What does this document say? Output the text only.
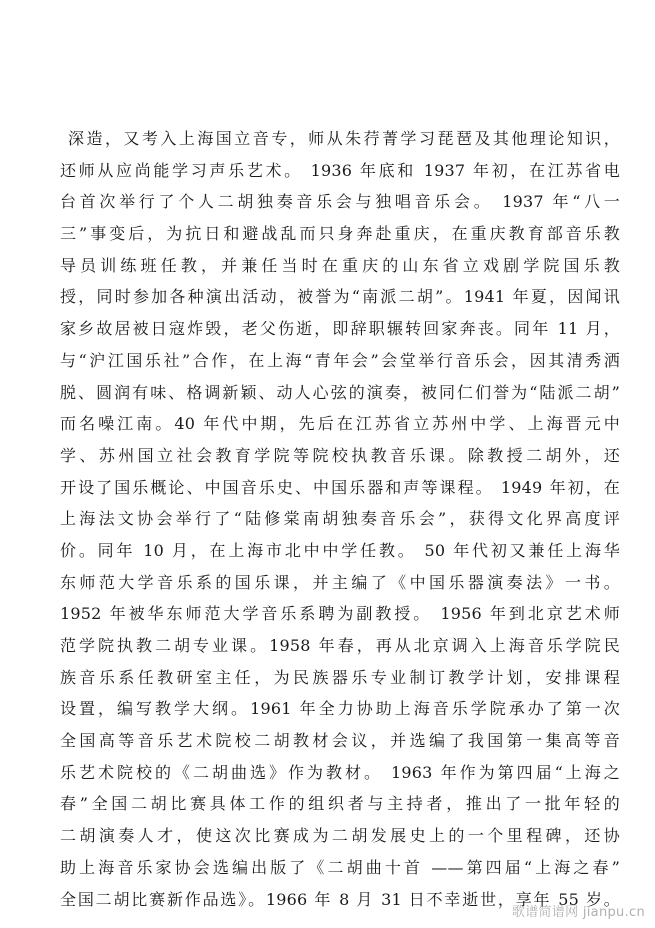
深造，又考入上海国立音专，师从朱荇菁学习琵琶及其他理论知识，
还师从应尚能学习声乐艺术。 1936 年底和 1937 年初，在江苏省电
台首次举行了个人二胡独奏音乐会与独唱音乐会。 1937 年“八一
三”事变后，为抗日和避战乱而只身奔赴重庆，在重庆教育部音乐教
导员训练班任教，并兼任当时在重庆的山东省立戏剧学院国乐教
授，同时参加各种演出活动，被誉为“南派二胡”。1941 年夏，因闻讯
家乡故居被日寇炸毁，老父伤逝，即辞职辗转回家奔丧。同年 11 月，
与“沪江国乐社”合作，在上海“青年会”会堂举行音乐会，因其清秀洒
脱、圆润有味、格调新颖、动人心弦的演奏，被同仁们誉为“陆派二胡”
而名噪江南。40 年代中期，先后在江苏省立苏州中学、上海晋元中
学、苏州国立社会教育学院等院校执教音乐课。除教授二胡外，还
开设了国乐概论、中国音乐史、中国乐器和声等课程。 1949 年初，在
上海法文协会举行了“陆修棠南胡独奏音乐会”，获得文化界高度评
价。同年 10 月，在上海市北中中学任教。 50 年代初又兼任上海华
东师范大学音乐系的国乐课，并主编了《中国乐器演奏法》一书。
1952 年被华东师范大学音乐系聘为副教授。 1956 年到北京艺术师
范学院执教二胡专业课。1958 年春，再从北京调入上海音乐学院民
族音乐系任教研室主任，为民族器乐专业制订教学计划，安排课程
设置，编写教学大纲。1961 年全力协助上海音乐学院承办了第一次
全国高等音乐艺术院校二胡教材会议，并选编了我国第一集高等音
乐艺术院校的《二胡曲选》作为教材。 1963 年作为第四届“上海之
春”全国二胡比赛具体工作的组织者与主持者，推出了一批年轻的
二胡演奏人才，使这次比赛成为二胡发展史上的一个里程碑，还协
助上海音乐家协会选编出版了《二胡曲十首 ——第四届“上海之春”
全国二胡比赛新作品选》。1966 年 8 月 31 日不幸逝世，享年 55 岁。
歌谱简谱网 jianpu.cn
